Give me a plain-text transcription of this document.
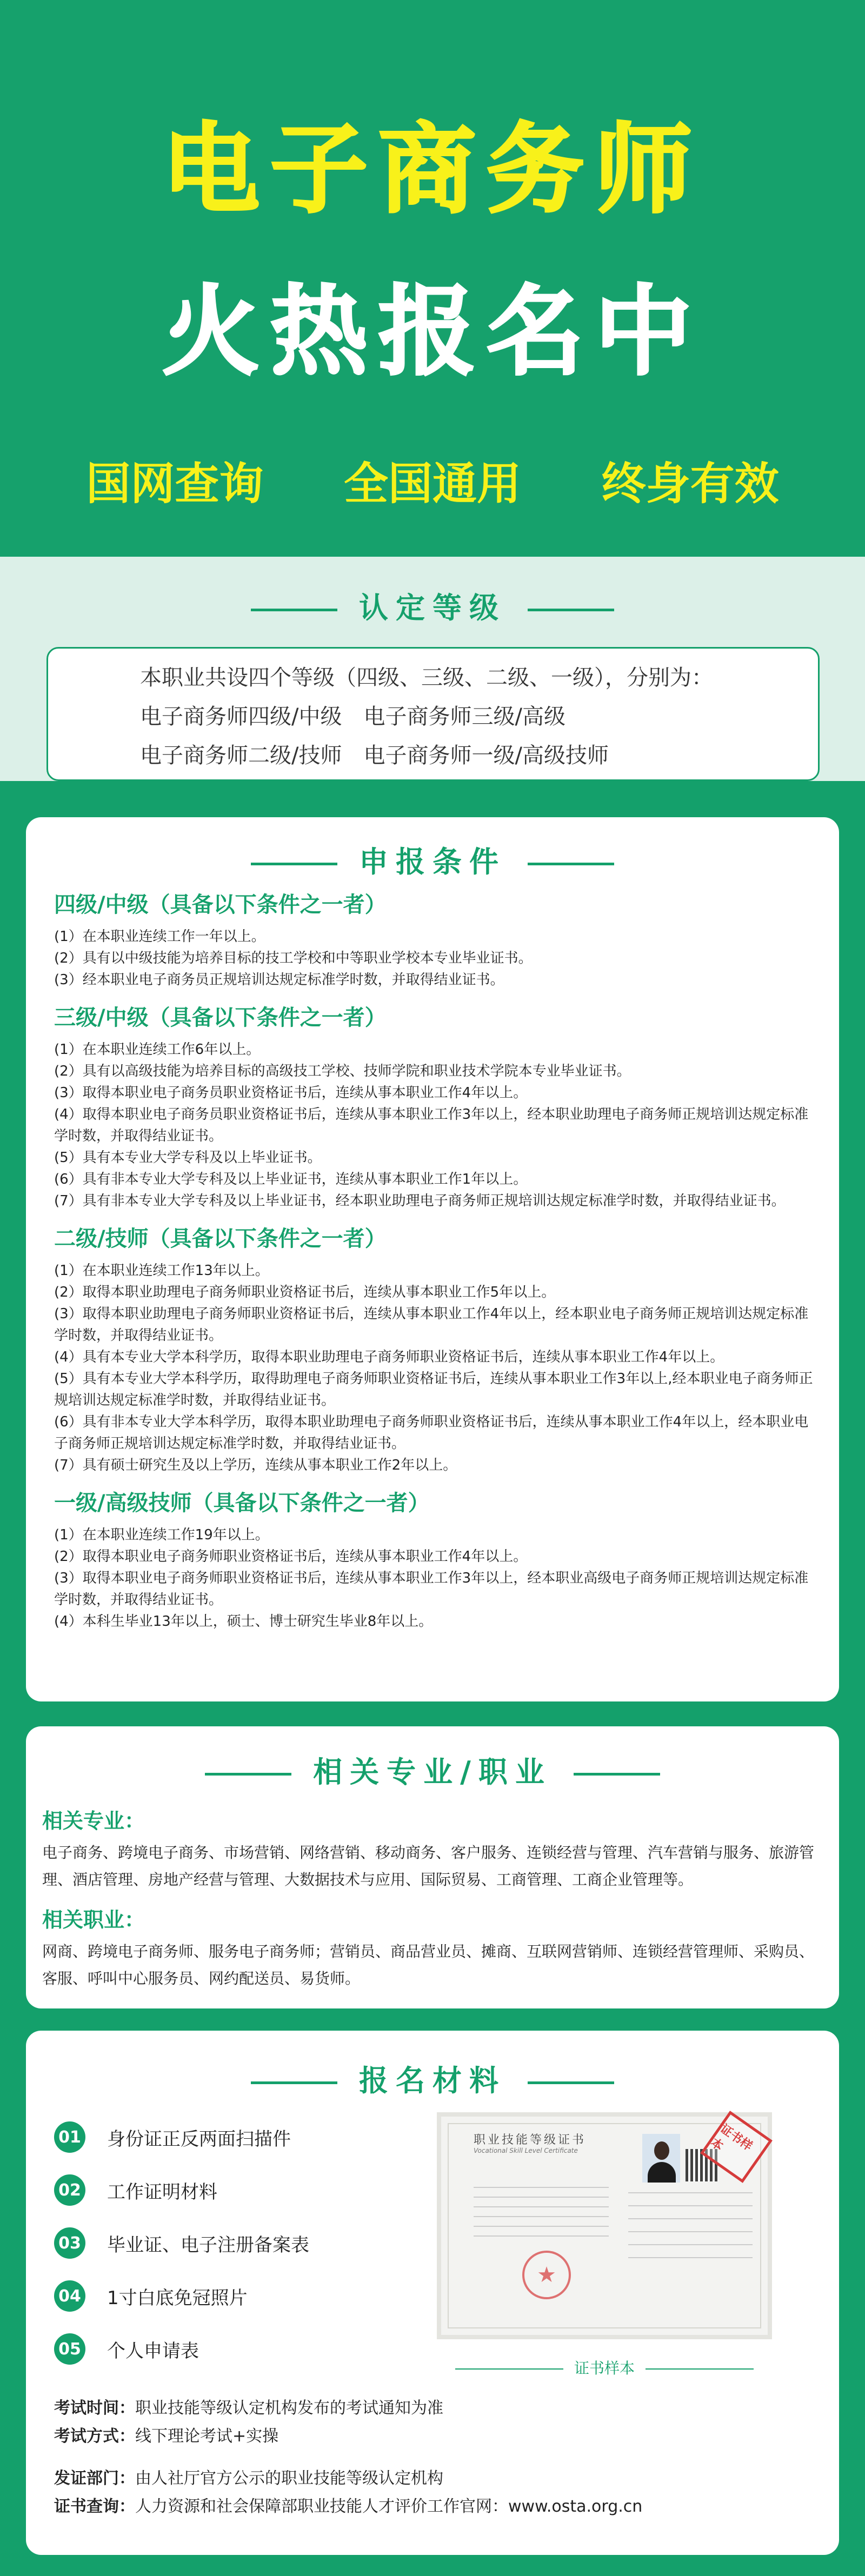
电子商务师
火热报名中
国网查询 全国通用 终身有效
认定等级
本职业共设四个等级（四级、三级、二级、一级），分别为：
电子商务师四级/中级　电子商务师三级/高级
电子商务师二级/技师　电子商务师一级/高级技师
申报条件
四级/中级（具备以下条件之一者）
(1）在本职业连续工作一年以上。
(2）具有以中级技能为培养目标的技工学校和中等职业学校本专业毕业证书。
(3）经本职业电子商务员正规培训达规定标准学时数，并取得结业证书。
三级/中级（具备以下条件之一者）
(1）在本职业连续工作6年以上。
(2）具有以高级技能为培养目标的高级技工学校、技师学院和职业技术学院本专业毕业证书。
(3）取得本职业电子商务员职业资格证书后，连续从事本职业工作4年以上。
(4）取得本职业电子商务员职业资格证书后，连续从事本职业工作3年以上，经本职业助理电子商务师正规培训达规定标准学时数，并取得结业证书。
(5）具有本专业大学专科及以上毕业证书。
(6）具有非本专业大学专科及以上毕业证书，连续从事本职业工作1年以上。
(7）具有非本专业大学专科及以上毕业证书，经本职业助理电子商务师正规培训达规定标准学时数，并取得结业证书。
二级/技师（具备以下条件之一者）
(1）在本职业连续工作13年以上。
(2）取得本职业助理电子商务师职业资格证书后，连续从事本职业工作5年以上。
(3）取得本职业助理电子商务师职业资格证书后，连续从事本职业工作4年以上，经本职业电子商务师正规培训达规定标准学时数，并取得结业证书。
(4）具有本专业大学本科学历，取得本职业助理电子商务师职业资格证书后，连续从事本职业工作4年以上。
(5）具有本专业大学本科学历，取得助理电子商务师职业资格证书后，连续从事本职业工作3年以上,经本职业电子商务师正规培训达规定标准学时数，并取得结业证书。
(6）具有非本专业大学本科学历，取得本职业助理电子商务师职业资格证书后，连续从事本职业工作4年以上，经本职业电子商务师正规培训达规定标准学时数，并取得结业证书。
(7）具有硕士研究生及以上学历，连续从事本职业工作2年以上。
一级/高级技师（具备以下条件之一者）
(1）在本职业连续工作19年以上。
(2）取得本职业电子商务师职业资格证书后，连续从事本职业工作4年以上。
(3）取得本职业电子商务师职业资格证书后，连续从事本职业工作3年以上，经本职业高级电子商务师正规培训达规定标准学时数，并取得结业证书。
(4）本科生毕业13年以上，硕士、博士研究生毕业8年以上。
相关专业/职业
相关专业：
电子商务、跨境电子商务、市场营销、网络营销、移动商务、客户服务、连锁经营与管理、汽车营销与服务、旅游管理、酒店管理、房地产经营与管理、大数据技术与应用、国际贸易、工商管理、工商企业管理等。
相关职业：
网商、跨境电子商务师、服务电子商务师；营销员、商品营业员、摊商、互联网营销师、连锁经营管理师、采购员、客服、呼叫中心服务员、网约配送员、易货师。
报名材料
01 身份证正反两面扫描件
02 工作证明材料
03 毕业证、电子注册备案表
04 1寸白底免冠照片
05 个人申请表
职业技能等级证书
Vocational Skill Level Certificate
★
证书样本
证书样本
考试时间：职业技能等级认定机构发布的考试通知为准
考试方式：线下理论考试+实操
发证部门：由人社厅官方公示的职业技能等级认定机构
证书查询：人力资源和社会保障部职业技能人才评价工作官网：www.osta.org.cn
